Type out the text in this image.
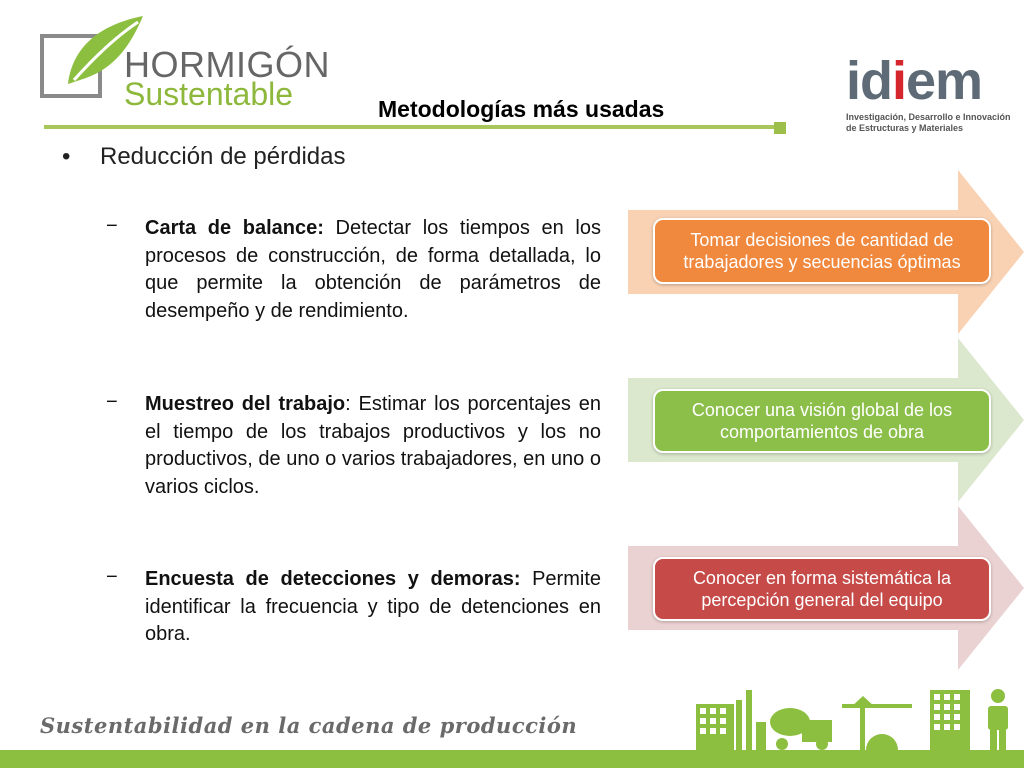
HORMIGÓN
Sustentable	idiem
Investigación, Desarrollo e Innovación
de Estructuras y Materiales
Metodologías más usadas
• Reducción de pérdidas
− Carta de balance: Detectar los tiempos en los procesos de construcción, de forma detallada, lo que permite la obtención de parámetros de desempeño y de rendimiento.
− Muestreo del trabajo: Estimar los porcentajes en el tiempo de los trabajos productivos y los no productivos, de uno o varios trabajadores, en uno o varios ciclos.
− Encuesta de detecciones y demoras: Permite identificar la frecuencia y tipo de detenciones en obra.
Tomar decisiones de cantidad de trabajadores y secuencias óptimas
Conocer una visión global de los comportamientos de obra
Conocer en forma sistemática la percepción general del equipo
Sustentabilidad en la cadena de producción
